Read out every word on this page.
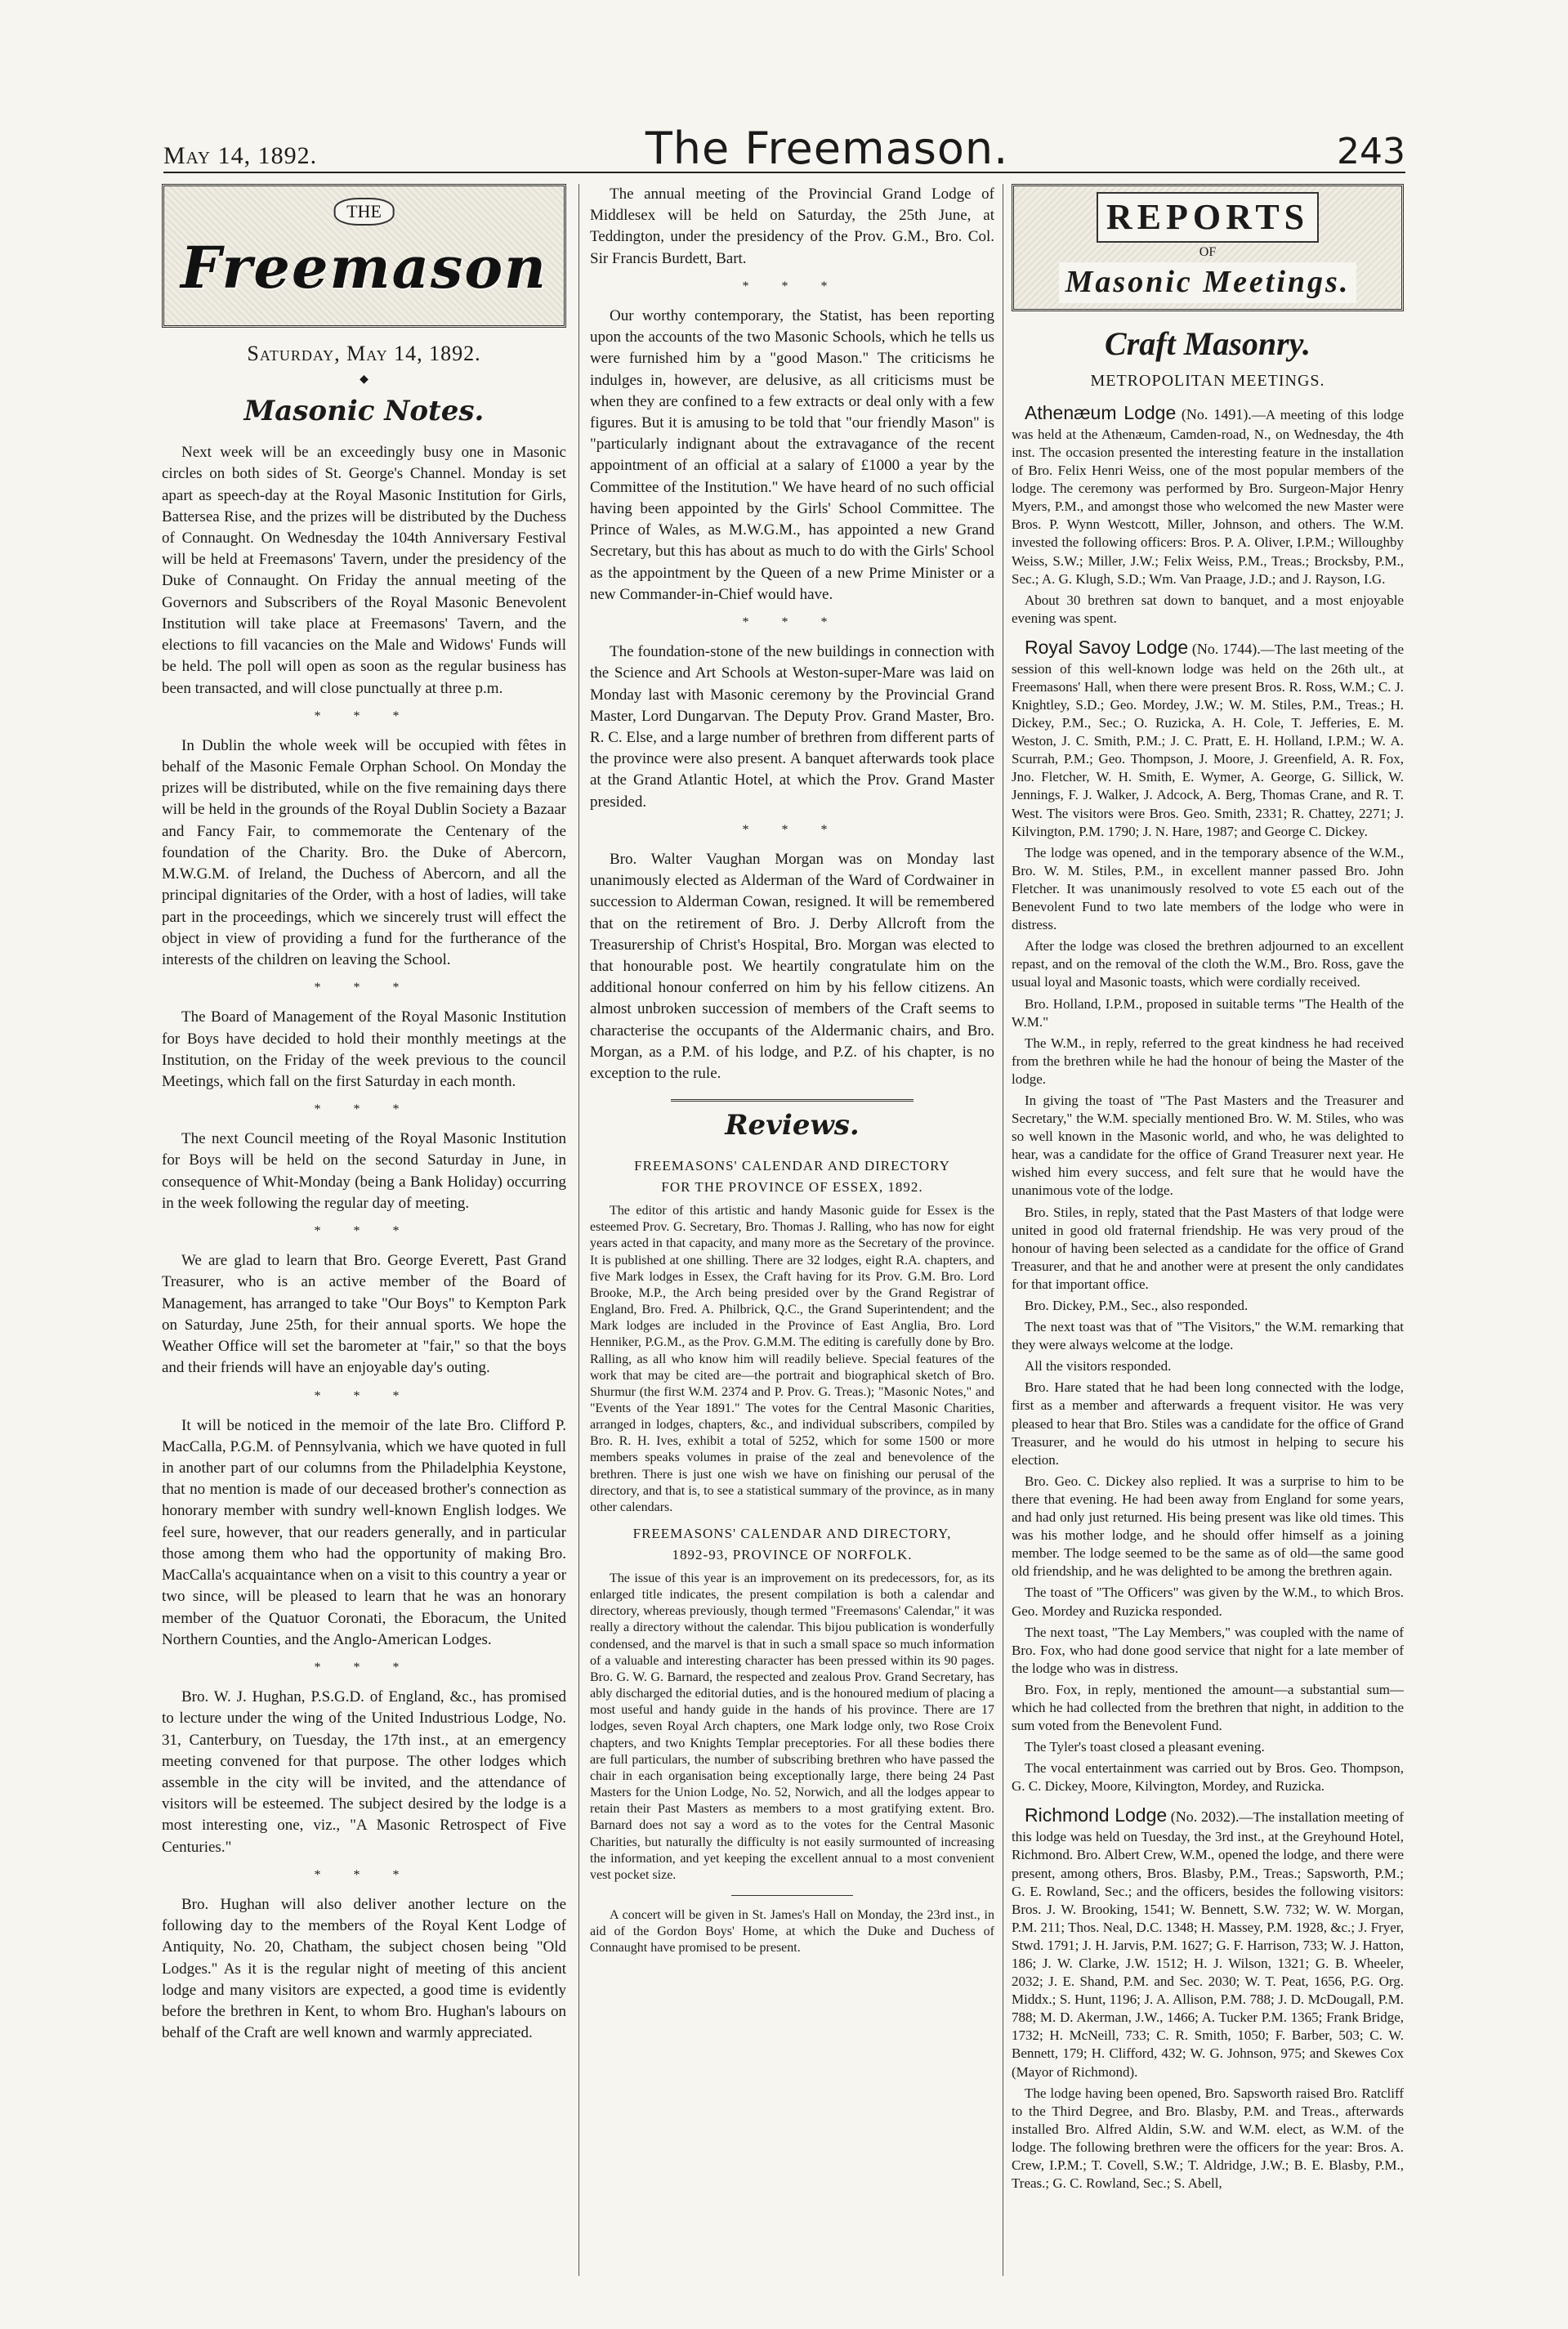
May 14, 1892.	The Freemason.	243
THE
Freemason
Saturday, May 14, 1892.
◆
Masonic Notes.

Next week will be an exceedingly busy one in Masonic circles on both sides of St. George's Channel. Monday is set apart as speech-day at the Royal Masonic Institution for Girls, Battersea Rise, and the prizes will be distributed by the Duchess of Connaught. On Wednesday the 104th Anniversary Festival will be held at Freemasons' Tavern, under the presidency of the Duke of Connaught. On Friday the annual meeting of the Governors and Subscribers of the Royal Masonic Benevolent Institution will take place at Freemasons' Tavern, and the elections to fill vacancies on the Male and Widows' Funds will be held. The poll will open as soon as the regular business has been transacted, and will close punctually at three p.m.

* * *

In Dublin the whole week will be occupied with fêtes in behalf of the Masonic Female Orphan School. On Monday the prizes will be distributed, while on the five remaining days there will be held in the grounds of the Royal Dublin Society a Bazaar and Fancy Fair, to commemorate the Centenary of the foundation of the Charity. Bro. the Duke of Abercorn, M.W.G.M. of Ireland, the Duchess of Abercorn, and all the principal dignitaries of the Order, with a host of ladies, will take part in the proceedings, which we sincerely trust will effect the object in view of providing a fund for the furtherance of the interests of the children on leaving the School.

* * *

The Board of Management of the Royal Masonic Institution for Boys have decided to hold their monthly meetings at the Institution, on the Friday of the week previous to the council Meetings, which fall on the first Saturday in each month.

* * *

The next Council meeting of the Royal Masonic Institution for Boys will be held on the second Saturday in June, in consequence of Whit-Monday (being a Bank Holiday) occurring in the week following the regular day of meeting.

* * *

We are glad to learn that Bro. George Everett, Past Grand Treasurer, who is an active member of the Board of Management, has arranged to take "Our Boys" to Kempton Park on Saturday, June 25th, for their annual sports. We hope the Weather Office will set the barometer at "fair," so that the boys and their friends will have an enjoyable day's outing.

* * *

It will be noticed in the memoir of the late Bro. Clifford P. MacCalla, P.G.M. of Pennsylvania, which we have quoted in full in another part of our columns from the Philadelphia Keystone, that no mention is made of our deceased brother's connection as honorary member with sundry well-known English lodges. We feel sure, however, that our readers generally, and in particular those among them who had the opportunity of making Bro. MacCalla's acquaintance when on a visit to this country a year or two since, will be pleased to learn that he was an honorary member of the Quatuor Coronati, the Eboracum, the United Northern Counties, and the Anglo-American Lodges.

* * *

Bro. W. J. Hughan, P.S.G.D. of England, &c., has promised to lecture under the wing of the United Industrious Lodge, No. 31, Canterbury, on Tuesday, the 17th inst., at an emergency meeting convened for that purpose. The other lodges which assemble in the city will be invited, and the attendance of visitors will be esteemed. The subject desired by the lodge is a most interesting one, viz., "A Masonic Retrospect of Five Centuries."

* * *

Bro. Hughan will also deliver another lecture on the following day to the members of the Royal Kent Lodge of Antiquity, No. 20, Chatham, the subject chosen being "Old Lodges." As it is the regular night of meeting of this ancient lodge and many visitors are expected, a good time is evidently before the brethren in Kent, to whom Bro. Hughan's labours on behalf of the Craft are well known and warmly appreciated.

The annual meeting of the Provincial Grand Lodge of Middlesex will be held on Saturday, the 25th June, at Teddington, under the presidency of the Prov. G.M., Bro. Col. Sir Francis Burdett, Bart.

* * *

Our worthy contemporary, the Statist, has been reporting upon the accounts of the two Masonic Schools, which he tells us were furnished him by a "good Mason." The criticisms he indulges in, however, are delusive, as all criticisms must be when they are confined to a few extracts or deal only with a few figures. But it is amusing to be told that "our friendly Mason" is "particularly indignant about the extravagance of the recent appointment of an official at a salary of £1000 a year by the Committee of the Institution." We have heard of no such official having been appointed by the Girls' School Committee. The Prince of Wales, as M.W.G.M., has appointed a new Grand Secretary, but this has about as much to do with the Girls' School as the appointment by the Queen of a new Prime Minister or a new Commander-in-Chief would have.

* * *

The foundation-stone of the new buildings in connection with the Science and Art Schools at Weston-super-Mare was laid on Monday last with Masonic ceremony by the Provincial Grand Master, Lord Dungarvan. The Deputy Prov. Grand Master, Bro. R. C. Else, and a large number of brethren from different parts of the province were also present. A banquet afterwards took place at the Grand Atlantic Hotel, at which the Prov. Grand Master presided.

* * *

Bro. Walter Vaughan Morgan was on Monday last unanimously elected as Alderman of the Ward of Cordwainer in succession to Alderman Cowan, resigned. It will be remembered that on the retirement of Bro. J. Derby Allcroft from the Treasurership of Christ's Hospital, Bro. Morgan was elected to that honourable post. We heartily congratulate him on the additional honour conferred on him by his fellow citizens. An almost unbroken succession of members of the Craft seems to characterise the occupants of the Aldermanic chairs, and Bro. Morgan, as a P.M. of his lodge, and P.Z. of his chapter, is no exception to the rule.

Reviews.
FREEMASONS' CALENDAR AND DIRECTORY
FOR THE PROVINCE OF ESSEX, 1892.

The editor of this artistic and handy Masonic guide for Essex is the esteemed Prov. G. Secretary, Bro. Thomas J. Ralling, who has now for eight years acted in that capacity, and many more as the Secretary of the province. It is published at one shilling. There are 32 lodges, eight R.A. chapters, and five Mark lodges in Essex, the Craft having for its Prov. G.M. Bro. Lord Brooke, M.P., the Arch being presided over by the Grand Registrar of England, Bro. Fred. A. Philbrick, Q.C., the Grand Superintendent; and the Mark lodges are included in the Province of East Anglia, Bro. Lord Henniker, P.G.M., as the Prov. G.M.M. The editing is carefully done by Bro. Ralling, as all who know him will readily believe. Special features of the work that may be cited are—the portrait and biographical sketch of Bro. Shurmur (the first W.M. 2374 and P. Prov. G. Treas.); "Masonic Notes," and "Events of the Year 1891." The votes for the Central Masonic Charities, arranged in lodges, chapters, &c., and individual subscribers, compiled by Bro. R. H. Ives, exhibit a total of 5252, which for some 1500 or more members speaks volumes in praise of the zeal and benevolence of the brethren. There is just one wish we have on finishing our perusal of the directory, and that is, to see a statistical summary of the province, as in many other calendars.

FREEMASONS' CALENDAR AND DIRECTORY,
1892-93, PROVINCE OF NORFOLK.

The issue of this year is an improvement on its predecessors, for, as its enlarged title indicates, the present compilation is both a calendar and directory, whereas previously, though termed "Freemasons' Calendar," it was really a directory without the calendar. This bijou publication is wonderfully condensed, and the marvel is that in such a small space so much information of a valuable and interesting character has been pressed within its 90 pages. Bro. G. W. G. Barnard, the respected and zealous Prov. Grand Secretary, has ably discharged the editorial duties, and is the honoured medium of placing a most useful and handy guide in the hands of his province. There are 17 lodges, seven Royal Arch chapters, one Mark lodge only, two Rose Croix chapters, and two Knights Templar preceptories. For all these bodies there are full particulars, the number of subscribing brethren who have passed the chair in each organisation being exceptionally large, there being 24 Past Masters for the Union Lodge, No. 52, Norwich, and all the lodges appear to retain their Past Masters as members to a most gratifying extent. Bro. Barnard does not say a word as to the votes for the Central Masonic Charities, but naturally the difficulty is not easily surmounted of increasing the information, and yet keeping the excellent annual to a most convenient vest pocket size.

A concert will be given in St. James's Hall on Monday, the 23rd inst., in aid of the Gordon Boys' Home, at which the Duke and Duchess of Connaught have promised to be present.

REPORTS
OF
Masonic Meetings.
Craft Masonry.
METROPOLITAN MEETINGS.

Athenæum Lodge (No. 1491).—A meeting of this lodge was held at the Athenæum, Camden-road, N., on Wednesday, the 4th inst. The occasion presented the interesting feature in the installation of Bro. Felix Henri Weiss, one of the most popular members of the lodge. The ceremony was performed by Bro. Surgeon-Major Henry Myers, P.M., and amongst those who welcomed the new Master were Bros. P. Wynn Westcott, Miller, Johnson, and others. The W.M. invested the following officers: Bros. P. A. Oliver, I.P.M.; Willoughby Weiss, S.W.; Miller, J.W.; Felix Weiss, P.M., Treas.; Brocksby, P.M., Sec.; A. G. Klugh, S.D.; Wm. Van Praage, J.D.; and J. Rayson, I.G.

About 30 brethren sat down to banquet, and a most enjoyable evening was spent.

Royal Savoy Lodge (No. 1744).—The last meeting of the session of this well-known lodge was held on the 26th ult., at Freemasons' Hall, when there were present Bros. R. Ross, W.M.; C. J. Knightley, S.D.; Geo. Mordey, J.W.; W. M. Stiles, P.M., Treas.; H. Dickey, P.M., Sec.; O. Ruzicka, A. H. Cole, T. Jefferies, E. M. Weston, J. C. Smith, P.M.; J. C. Pratt, E. H. Holland, I.P.M.; W. A. Scurrah, P.M.; Geo. Thompson, J. Moore, J. Greenfield, A. R. Fox, Jno. Fletcher, W. H. Smith, E. Wymer, A. George, G. Sillick, W. Jennings, F. J. Walker, J. Adcock, A. Berg, Thomas Crane, and R. T. West. The visitors were Bros. Geo. Smith, 2331; R. Chattey, 2271; J. Kilvington, P.M. 1790; J. N. Hare, 1987; and George C. Dickey.

The lodge was opened, and in the temporary absence of the W.M., Bro. W. M. Stiles, P.M., in excellent manner passed Bro. John Fletcher. It was unanimously resolved to vote £5 each out of the Benevolent Fund to two late members of the lodge who were in distress.

After the lodge was closed the brethren adjourned to an excellent repast, and on the removal of the cloth the W.M., Bro. Ross, gave the usual loyal and Masonic toasts, which were cordially received.

Bro. Holland, I.P.M., proposed in suitable terms "The Health of the W.M."

The W.M., in reply, referred to the great kindness he had received from the brethren while he had the honour of being the Master of the lodge.

In giving the toast of "The Past Masters and the Treasurer and Secretary," the W.M. specially mentioned Bro. W. M. Stiles, who was so well known in the Masonic world, and who, he was delighted to hear, was a candidate for the office of Grand Treasurer next year. He wished him every success, and felt sure that he would have the unanimous vote of the lodge.

Bro. Stiles, in reply, stated that the Past Masters of that lodge were united in good old fraternal friendship. He was very proud of the honour of having been selected as a candidate for the office of Grand Treasurer, and that he and another were at present the only candidates for that important office.

Bro. Dickey, P.M., Sec., also responded.

The next toast was that of "The Visitors," the W.M. remarking that they were always welcome at the lodge.

All the visitors responded.

Bro. Hare stated that he had been long connected with the lodge, first as a member and afterwards a frequent visitor. He was very pleased to hear that Bro. Stiles was a candidate for the office of Grand Treasurer, and he would do his utmost in helping to secure his election.

Bro. Geo. C. Dickey also replied. It was a surprise to him to be there that evening. He had been away from England for some years, and had only just returned. His being present was like old times. This was his mother lodge, and he should offer himself as a joining member. The lodge seemed to be the same as of old—the same good old friendship, and he was delighted to be among the brethren again.

The toast of "The Officers" was given by the W.M., to which Bros. Geo. Mordey and Ruzicka responded.

The next toast, "The Lay Members," was coupled with the name of Bro. Fox, who had done good service that night for a late member of the lodge who was in distress.

Bro. Fox, in reply, mentioned the amount—a substantial sum—which he had collected from the brethren that night, in addition to the sum voted from the Benevolent Fund.

The Tyler's toast closed a pleasant evening.

The vocal entertainment was carried out by Bros. Geo. Thompson, G. C. Dickey, Moore, Kilvington, Mordey, and Ruzicka.

Richmond Lodge (No. 2032).—The installation meeting of this lodge was held on Tuesday, the 3rd inst., at the Greyhound Hotel, Richmond. Bro. Albert Crew, W.M., opened the lodge, and there were present, among others, Bros. Blasby, P.M., Treas.; Sapsworth, P.M.; G. E. Rowland, Sec.; and the officers, besides the following visitors: Bros. J. W. Brooking, 1541; W. Bennett, S.W. 732; W. W. Morgan, P.M. 211; Thos. Neal, D.C. 1348; H. Massey, P.M. 1928, &c.; J. Fryer, Stwd. 1791; J. H. Jarvis, P.M. 1627; G. F. Harrison, 733; W. J. Hatton, 186; J. W. Clarke, J.W. 1512; H. J. Wilson, 1321; G. B. Wheeler, 2032; J. E. Shand, P.M. and Sec. 2030; W. T. Peat, 1656, P.G. Org. Middx.; S. Hunt, 1196; J. A. Allison, P.M. 788; J. D. McDougall, P.M. 788; M. D. Akerman, J.W., 1466; A. Tucker P.M. 1365; Frank Bridge, 1732; H. McNeill, 733; C. R. Smith, 1050; F. Barber, 503; C. W. Bennett, 179; H. Clifford, 432; W. G. Johnson, 975; and Skewes Cox (Mayor of Richmond).

The lodge having been opened, Bro. Sapsworth raised Bro. Ratcliff to the Third Degree, and Bro. Blasby, P.M. and Treas., afterwards installed Bro. Alfred Aldin, S.W. and W.M. elect, as W.M. of the lodge. The following brethren were the officers for the year: Bros. A. Crew, I.P.M.; T. Covell, S.W.; T. Aldridge, J.W.; B. E. Blasby, P.M., Treas.; G. C. Rowland, Sec.; S. Abell,
